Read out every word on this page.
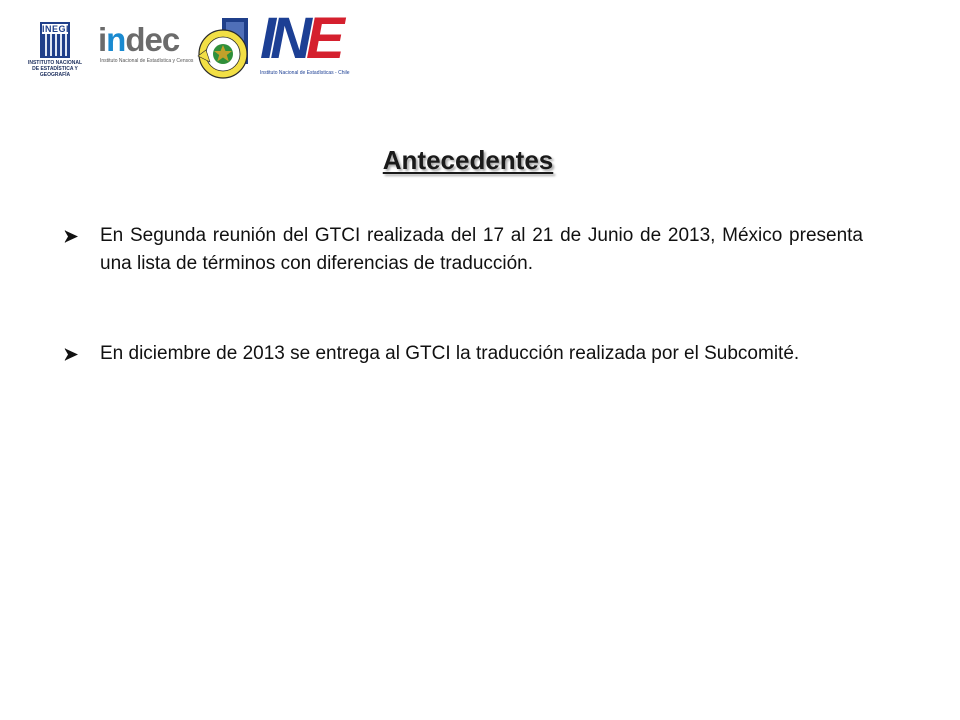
INEGI
INSTITUTO NACIONAL
DE ESTADÍSTICA Y GEOGRAFÍA
indec
Instituto Nacional de Estadística y Censos INE
Instituto Nacional de Estadísticas - Chile
Antecedentes
En Segunda reunión del GTCI realizada del 17 al 21 de Junio de 2013, México presenta una lista de términos con diferencias de traducción.
En diciembre de 2013 se entrega al GTCI la traducción realizada por el Subcomité.
